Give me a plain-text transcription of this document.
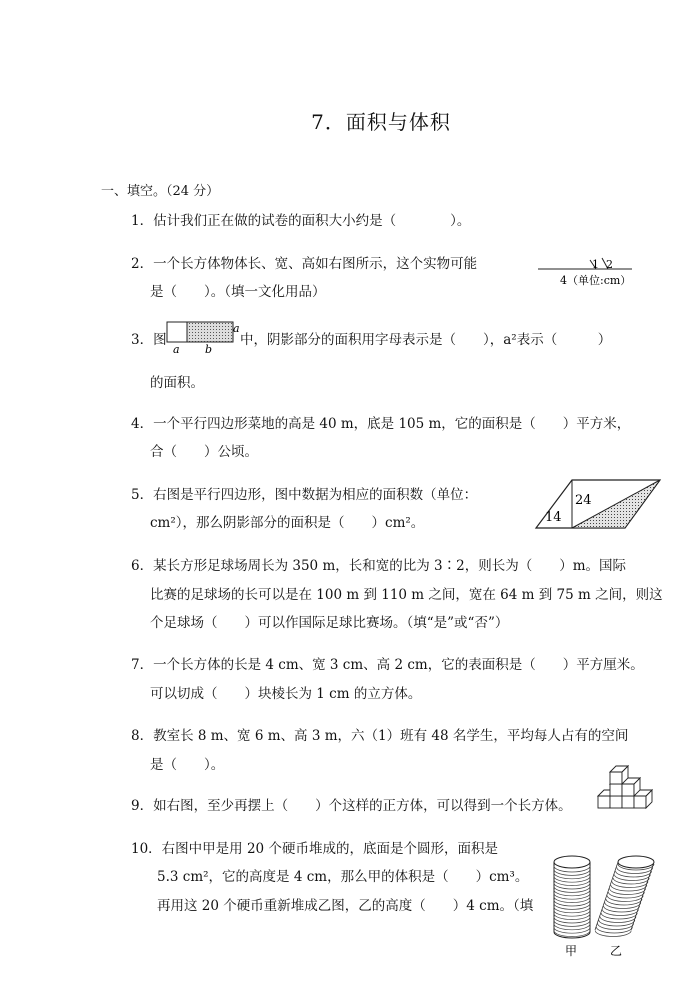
7．面积与体积
一、填空。（24 分）
1．估计我们正在做的试卷的面积大小约是（　　　　）。
2．一个长方体物体长、宽、高如右图所示，这个实物可能
是（　　）。（填一文化用品）
1 2
4（单位:cm）
3．图
a b
a
中，阴影部分的面积用字母表示是（　　），a²表示（　　　）
的面积。
4．一个平行四边形菜地的高是 40 m，底是 105 m，它的面积是（　　）平方米，
合（　　）公顷。
5．右图是平行四边形，图中数据为相应的面积数（单位：
cm²），那么阴影部分的面积是（　　）cm²。
24
14
6．某长方形足球场周长为 350 m，长和宽的比为 3∶2，则长为（　　）m。国际
比赛的足球场的长可以是在 100 m 到 110 m 之间，宽在 64 m 到 75 m 之间，则这
个足球场（　　）可以作国际足球比赛场。（填“是”或“否”）
7．一个长方体的长是 4 cm、宽 3 cm、高 2 cm，它的表面积是（　　）平方厘米。
可以切成（　　）块棱长为 1 cm 的立方体。
8．教室长 8 m、宽 6 m、高 3 m，六（1）班有 48 名学生，平均每人占有的空间
是（　　）。
9．如右图，至少再摆上（　　）个这样的正方体，可以得到一个长方体。
10．右图中甲是用 20 个硬币堆成的，底面是个圆形，面积是
5.3 cm²，它的高度是 4 cm，那么甲的体积是（　　）cm³。
再用这 20 个硬币重新堆成乙图，乙的高度（　　）4 cm。（填
甲	乙
